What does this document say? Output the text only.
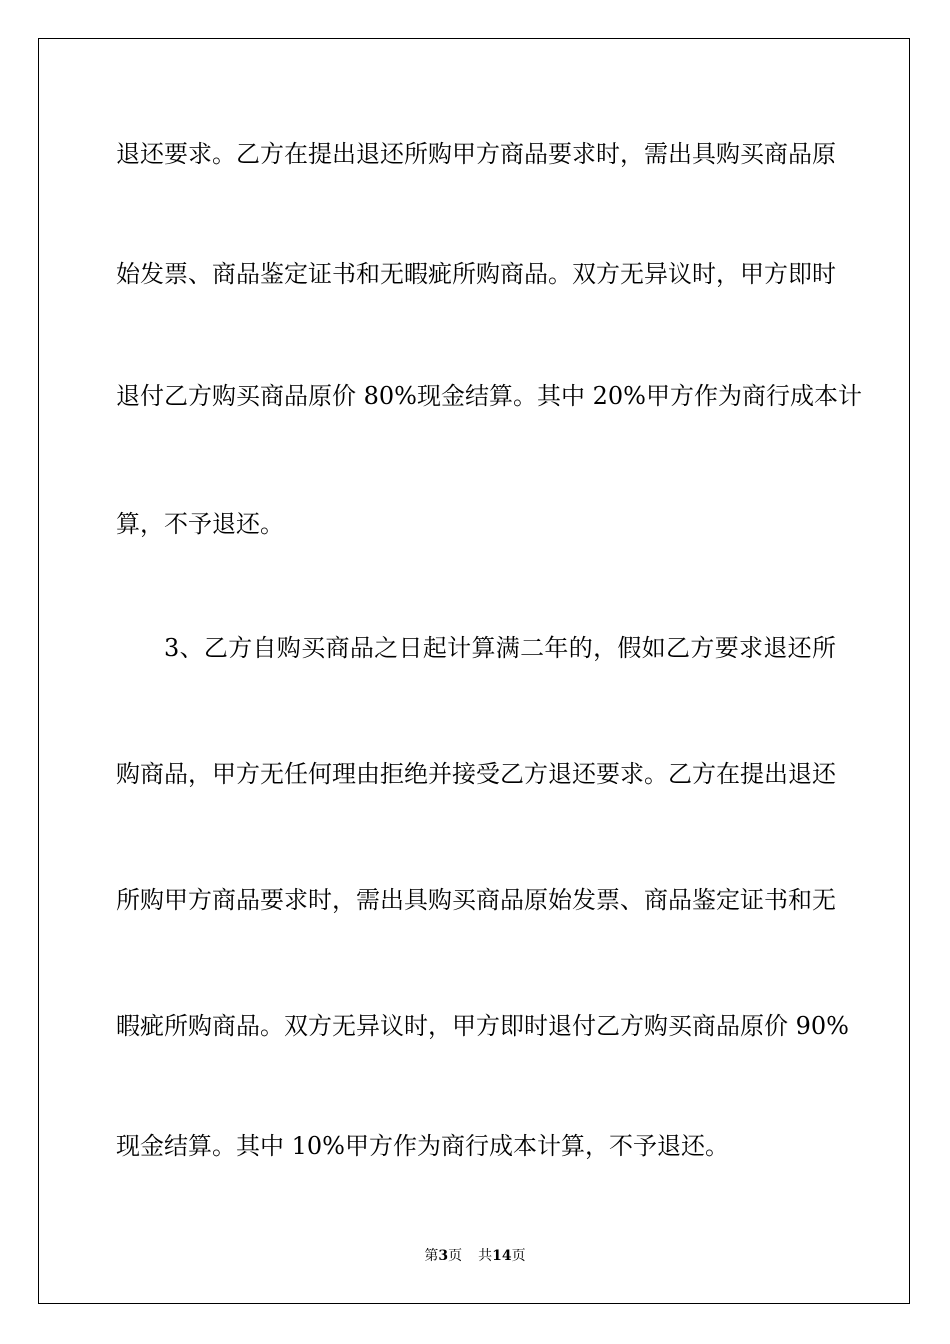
退还要求。乙方在提出退还所购甲方商品要求时，需出具购买商品原
始发票、商品鉴定证书和无暇疵所购商品。双方无异议时，甲方即时
退付乙方购买商品原价 80%现金结算。其中 20%甲方作为商行成本计
算，不予退还。
3、乙方自购买商品之日起计算满二年的，假如乙方要求退还所
购商品，甲方无任何理由拒绝并接受乙方退还要求。乙方在提出退还
所购甲方商品要求时，需出具购买商品原始发票、商品鉴定证书和无
暇疵所购商品。双方无异议时，甲方即时退付乙方购买商品原价 90%
现金结算。其中 10%甲方作为商行成本计算，不予退还。
第3页 共14页
